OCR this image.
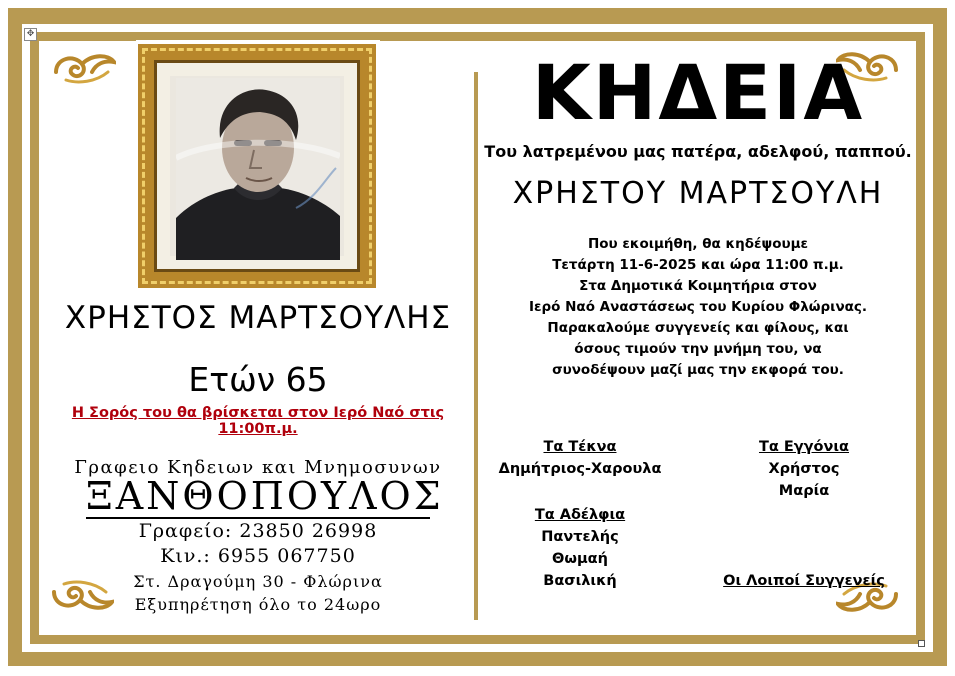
✥
ΧΡΗΣΤΟΣ ΜΑΡΤΣΟΥΛΗΣ
Ετών 65
Η Σορός του θα βρίσκεται στον Ιερό Ναό στις 11:00π.μ.
Γραφειο Κηδειων και Μνημοσυνων
ΞΑΝΘΟΠΟΥΛΟΣ
Γραφείο: 23850 26998
Κιν.: 6955 067750
Στ. Δραγούμη 30 - Φλώρινα
Εξυπηρέτηση όλο το 24ωρο
ΚΗΔΕΙΑ
Του λατρεμένου μας πατέρα, αδελφού, παππού.
ΧΡΗΣΤΟΥ ΜΑΡΤΣΟΥΛΗ
Που εκοιμήθη, θα κηδέψουμε
Τετάρτη 11-6-2025 και ώρα 11:00 π.μ.
Στα Δημοτικά Κοιμητήρια στον
Ιερό Ναό Αναστάσεως του Κυρίου Φλώρινας.
Παρακαλούμε συγγενείς και φίλους, και
όσους τιμούν την μνήμη του, να
συνοδέψουν μαζί μας την εκφορά του.
Τα Τέκνα
Δημήτριος-Χαρουλα
Τα Εγγόνια
Χρήστος
Μαρία
Τα Αδέλφια
Παντελής
Θωμαή
Βασιλική	Οι Λοιποί Συγγενείς
